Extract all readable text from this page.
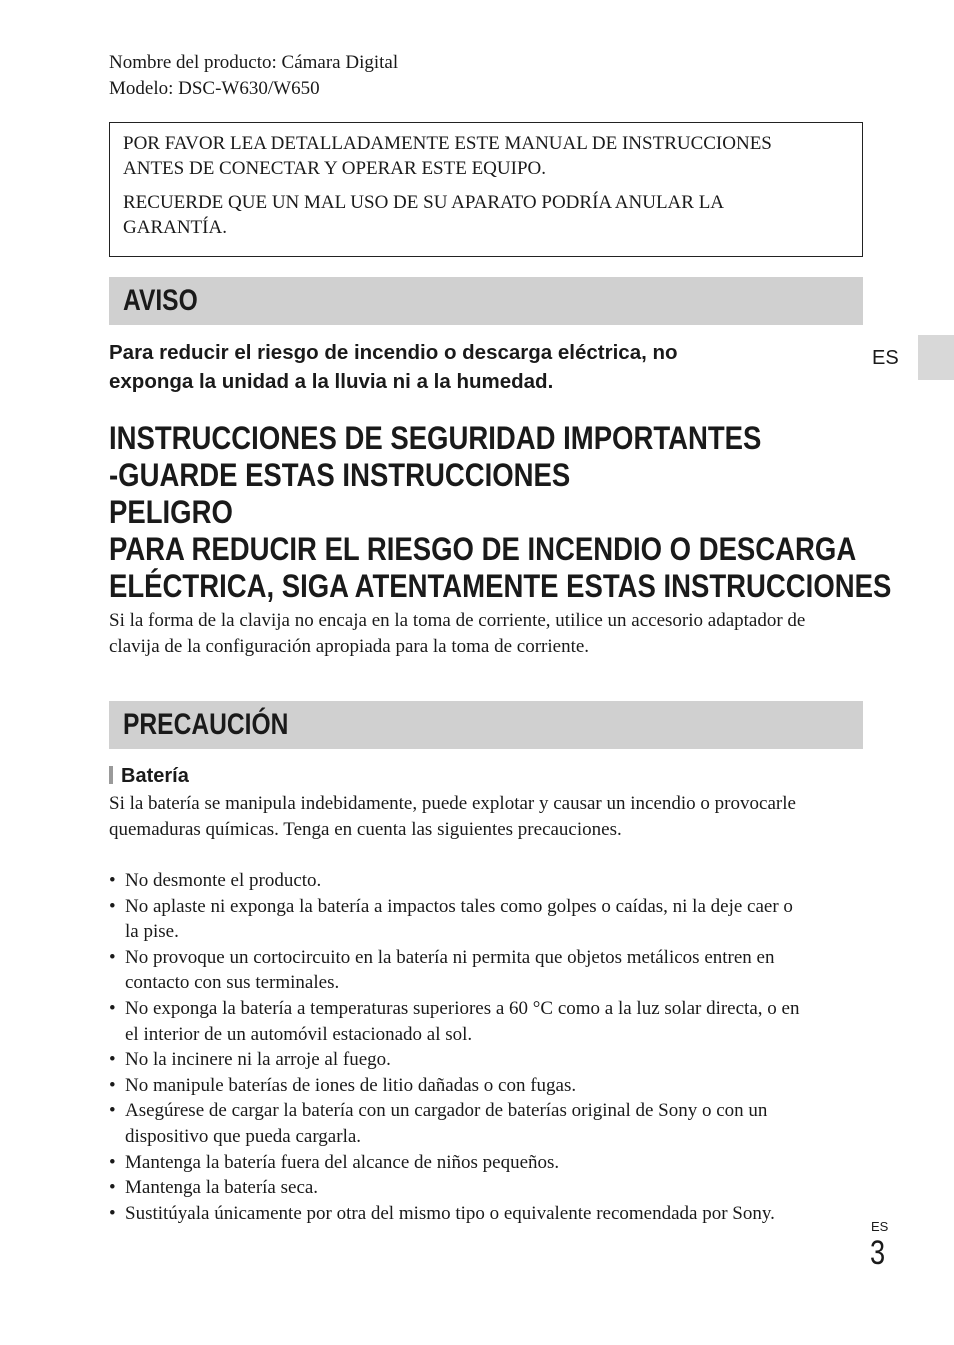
Nombre del producto: Cámara Digital
Modelo: DSC-W630/W650

POR FAVOR LEA DETALLADAMENTE ESTE MANUAL DE INSTRUCCIONES
ANTES DE CONECTAR Y OPERAR ESTE EQUIPO.

RECUERDE QUE UN MAL USO DE SU APARATO PODRÍA ANULAR LA
GARANTÍA.

AVISO
Para reducir el riesgo de incendio o descarga eléctrica, no
exponga la unidad a la lluvia ni a la humedad.
INSTRUCCIONES DE SEGURIDAD IMPORTANTES
-GUARDE ESTAS INSTRUCCIONES
PELIGRO
PARA REDUCIR EL RIESGO DE INCENDIO O DESCARGA
ELÉCTRICA, SIGA ATENTAMENTE ESTAS INSTRUCCIONES
Si la forma de la clavija no encaja en la toma de corriente, utilice un accesorio adaptador de
clavija de la configuración apropiada para la toma de corriente.
PRECAUCIÓN
Batería
Si la batería se manipula indebidamente, puede explotar y causar un incendio o provocarle
quemaduras químicas. Tenga en cuenta las siguientes precauciones.
• No desmonte el producto.
• No aplaste ni exponga la batería a impactos tales como golpes o caídas, ni la deje caer o
la pise.
• No provoque un cortocircuito en la batería ni permita que objetos metálicos entren en
contacto con sus terminales.
• No exponga la batería a temperaturas superiores a 60 °C como a la luz solar directa, o en
el interior de un automóvil estacionado al sol.
• No la incinere ni la arroje al fuego.
• No manipule baterías de iones de litio dañadas o con fugas.
• Asegúrese de cargar la batería con un cargador de baterías original de Sony o con un
dispositivo que pueda cargarla.
• Mantenga la batería fuera del alcance de niños pequeños.
• Mantenga la batería seca.
• Sustitúyala únicamente por otra del mismo tipo o equivalente recomendada por Sony.
ES
ES
3
